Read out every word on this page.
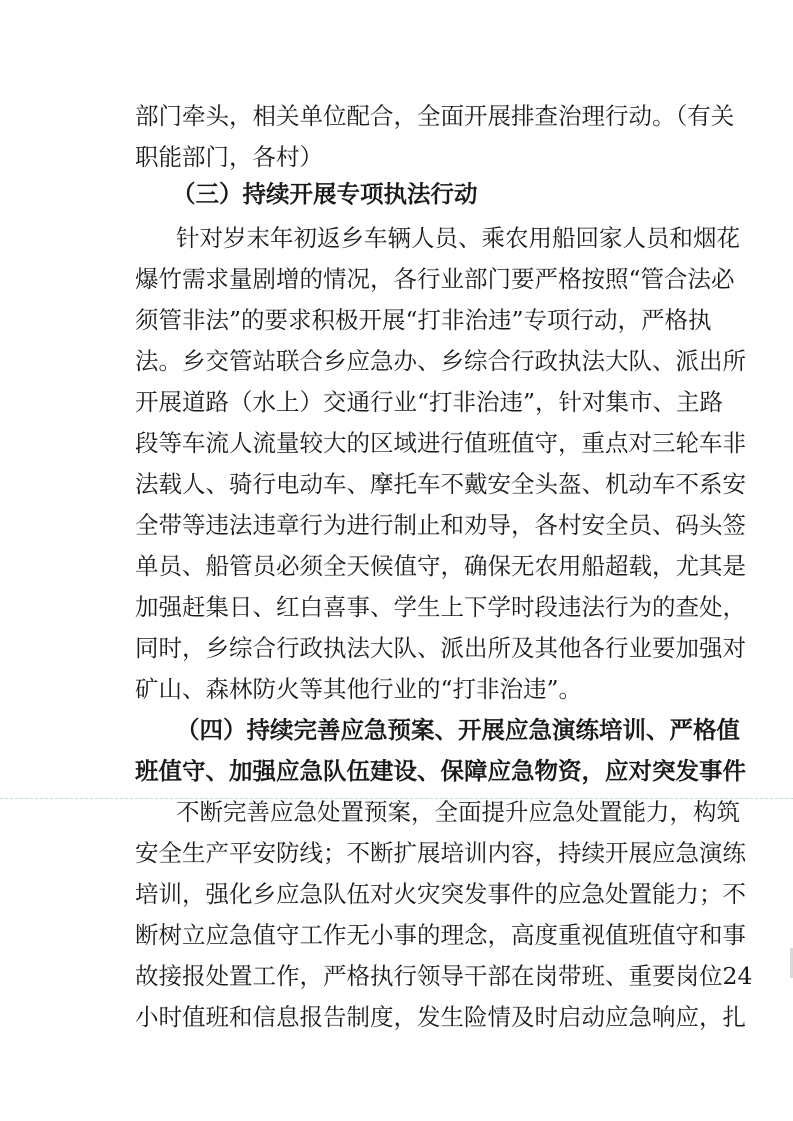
部门牵头，相关单位配合，全面开展排查治理行动。（有关
职能部门，各村）
（三）持续开展专项执法行动
针对岁末年初返乡车辆人员、乘农用船回家人员和烟花
爆竹需求量剧增的情况，各行业部门要严格按照“管合法必
须管非法”的要求积极开展“打非治违”专项行动，严格执
法。乡交管站联合乡应急办、乡综合行政执法大队、派出所
开展道路（水上）交通行业“打非治违”，针对集市、主路
段等车流人流量较大的区域进行值班值守，重点对三轮车非
法载人、骑行电动车、摩托车不戴安全头盔、机动车不系安
全带等违法违章行为进行制止和劝导，各村安全员、码头签
单员、船管员必须全天候值守，确保无农用船超载，尤其是
加强赶集日、红白喜事、学生上下学时段违法行为的查处，
同时，乡综合行政执法大队、派出所及其他各行业要加强对
矿山、森林防火等其他行业的“打非治违”。
（四）持续完善应急预案、开展应急演练培训、严格值
班值守、加强应急队伍建设、保障应急物资，应对突发事件
不断完善应急处置预案，全面提升应急处置能力，构筑
安全生产平安防线；不断扩展培训内容，持续开展应急演练
培训，强化乡应急队伍对火灾突发事件的应急处置能力；不
断树立应急值守工作无小事的理念，高度重视值班值守和事
故接报处置工作，严格执行领导干部在岗带班、重要岗位24
小时值班和信息报告制度，发生险情及时启动应急响应，扎
